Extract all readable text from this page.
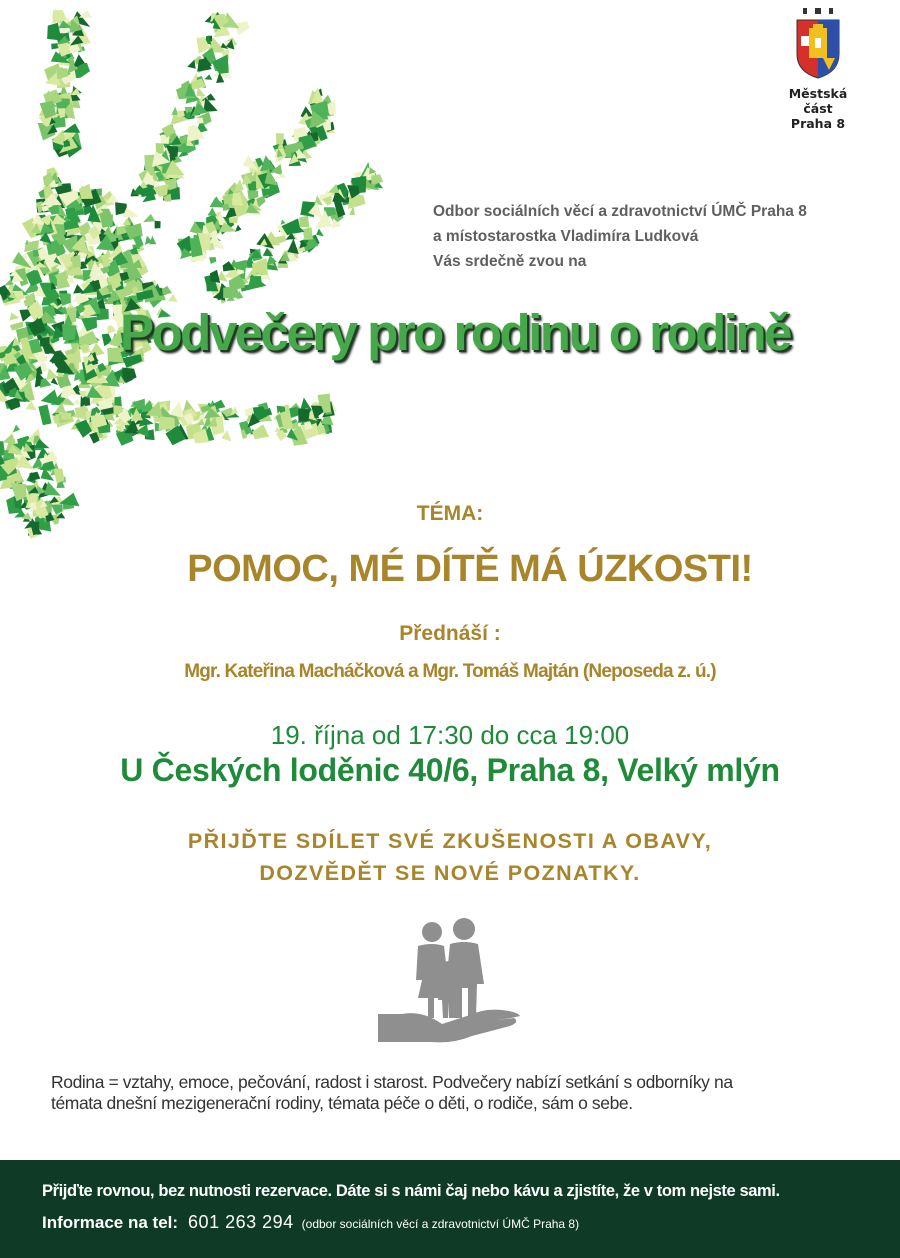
Městská část
Praha 8
Odbor sociálních věcí a zdravotnictví ÚMČ Praha 8
a místostarostka Vladimíra Ludková
Vás srdečně zvou na
Podvečery pro rodinu o rodině
TÉMA:
POMOC, MÉ DÍTĚ MÁ ÚZKOSTI!
Přednáší :
Mgr. Kateřina Macháčková a Mgr. Tomáš Majtán (Neposeda z. ú.)
19. října od 17:30 do cca 19:00
U Českých loděnic 40/6, Praha 8, Velký mlýn
PŘIJĎTE SDÍLET SVÉ ZKUŠENOSTI A OBAVY,
DOZVĚDĚT SE NOVÉ POZNATKY.
Rodina = vztahy, emoce, pečování, radost i starost. Podvečery nabízí setkání s odborníky na
témata dnešní mezigenerační rodiny, témata péče o děti, o rodiče, sám o sebe.
Přijďte rovnou, bez nutnosti rezervace. Dáte si s námi čaj nebo kávu a zjistíte, že v tom nejste sami.
Informace na tel: 601 263 294 (odbor sociálních věcí a zdravotnictví ÚMČ Praha 8)
